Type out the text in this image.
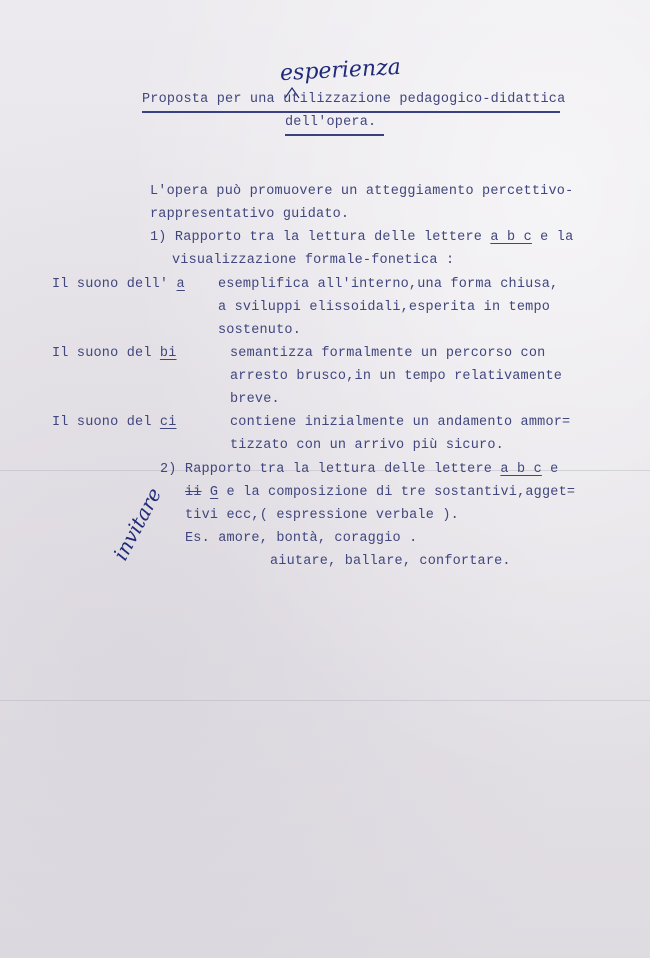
esperienza
Proposta per una utilizzazione pedagogico-didattica
dell'opera.
L'opera può promuovere un atteggiamento percettivo-
rappresentativo guidato.
1) Rapporto tra la lettura delle lettere a b c e la
visualizzazione formale-fonetica :
Il suono dell' a esemplifica all'interno,una forma chiusa,
a sviluppi elissoidali,esperita in tempo
sostenuto.
Il suono del bi	semantizza formalmente un percorso con
arresto brusco,in un tempo relativamente
breve.
Il suono del ci	contiene inizialmente un andamento ammor=
tizzato con un arrivo più sicuro.
2) Rapporto tra la lettura delle lettere a b c e
ii G e la composizione di tre sostantivi,agget=
tivi ecc,( espressione verbale ).
Es. amore, bontà, coraggio .
aiutare, ballare, confortare.
invitare
